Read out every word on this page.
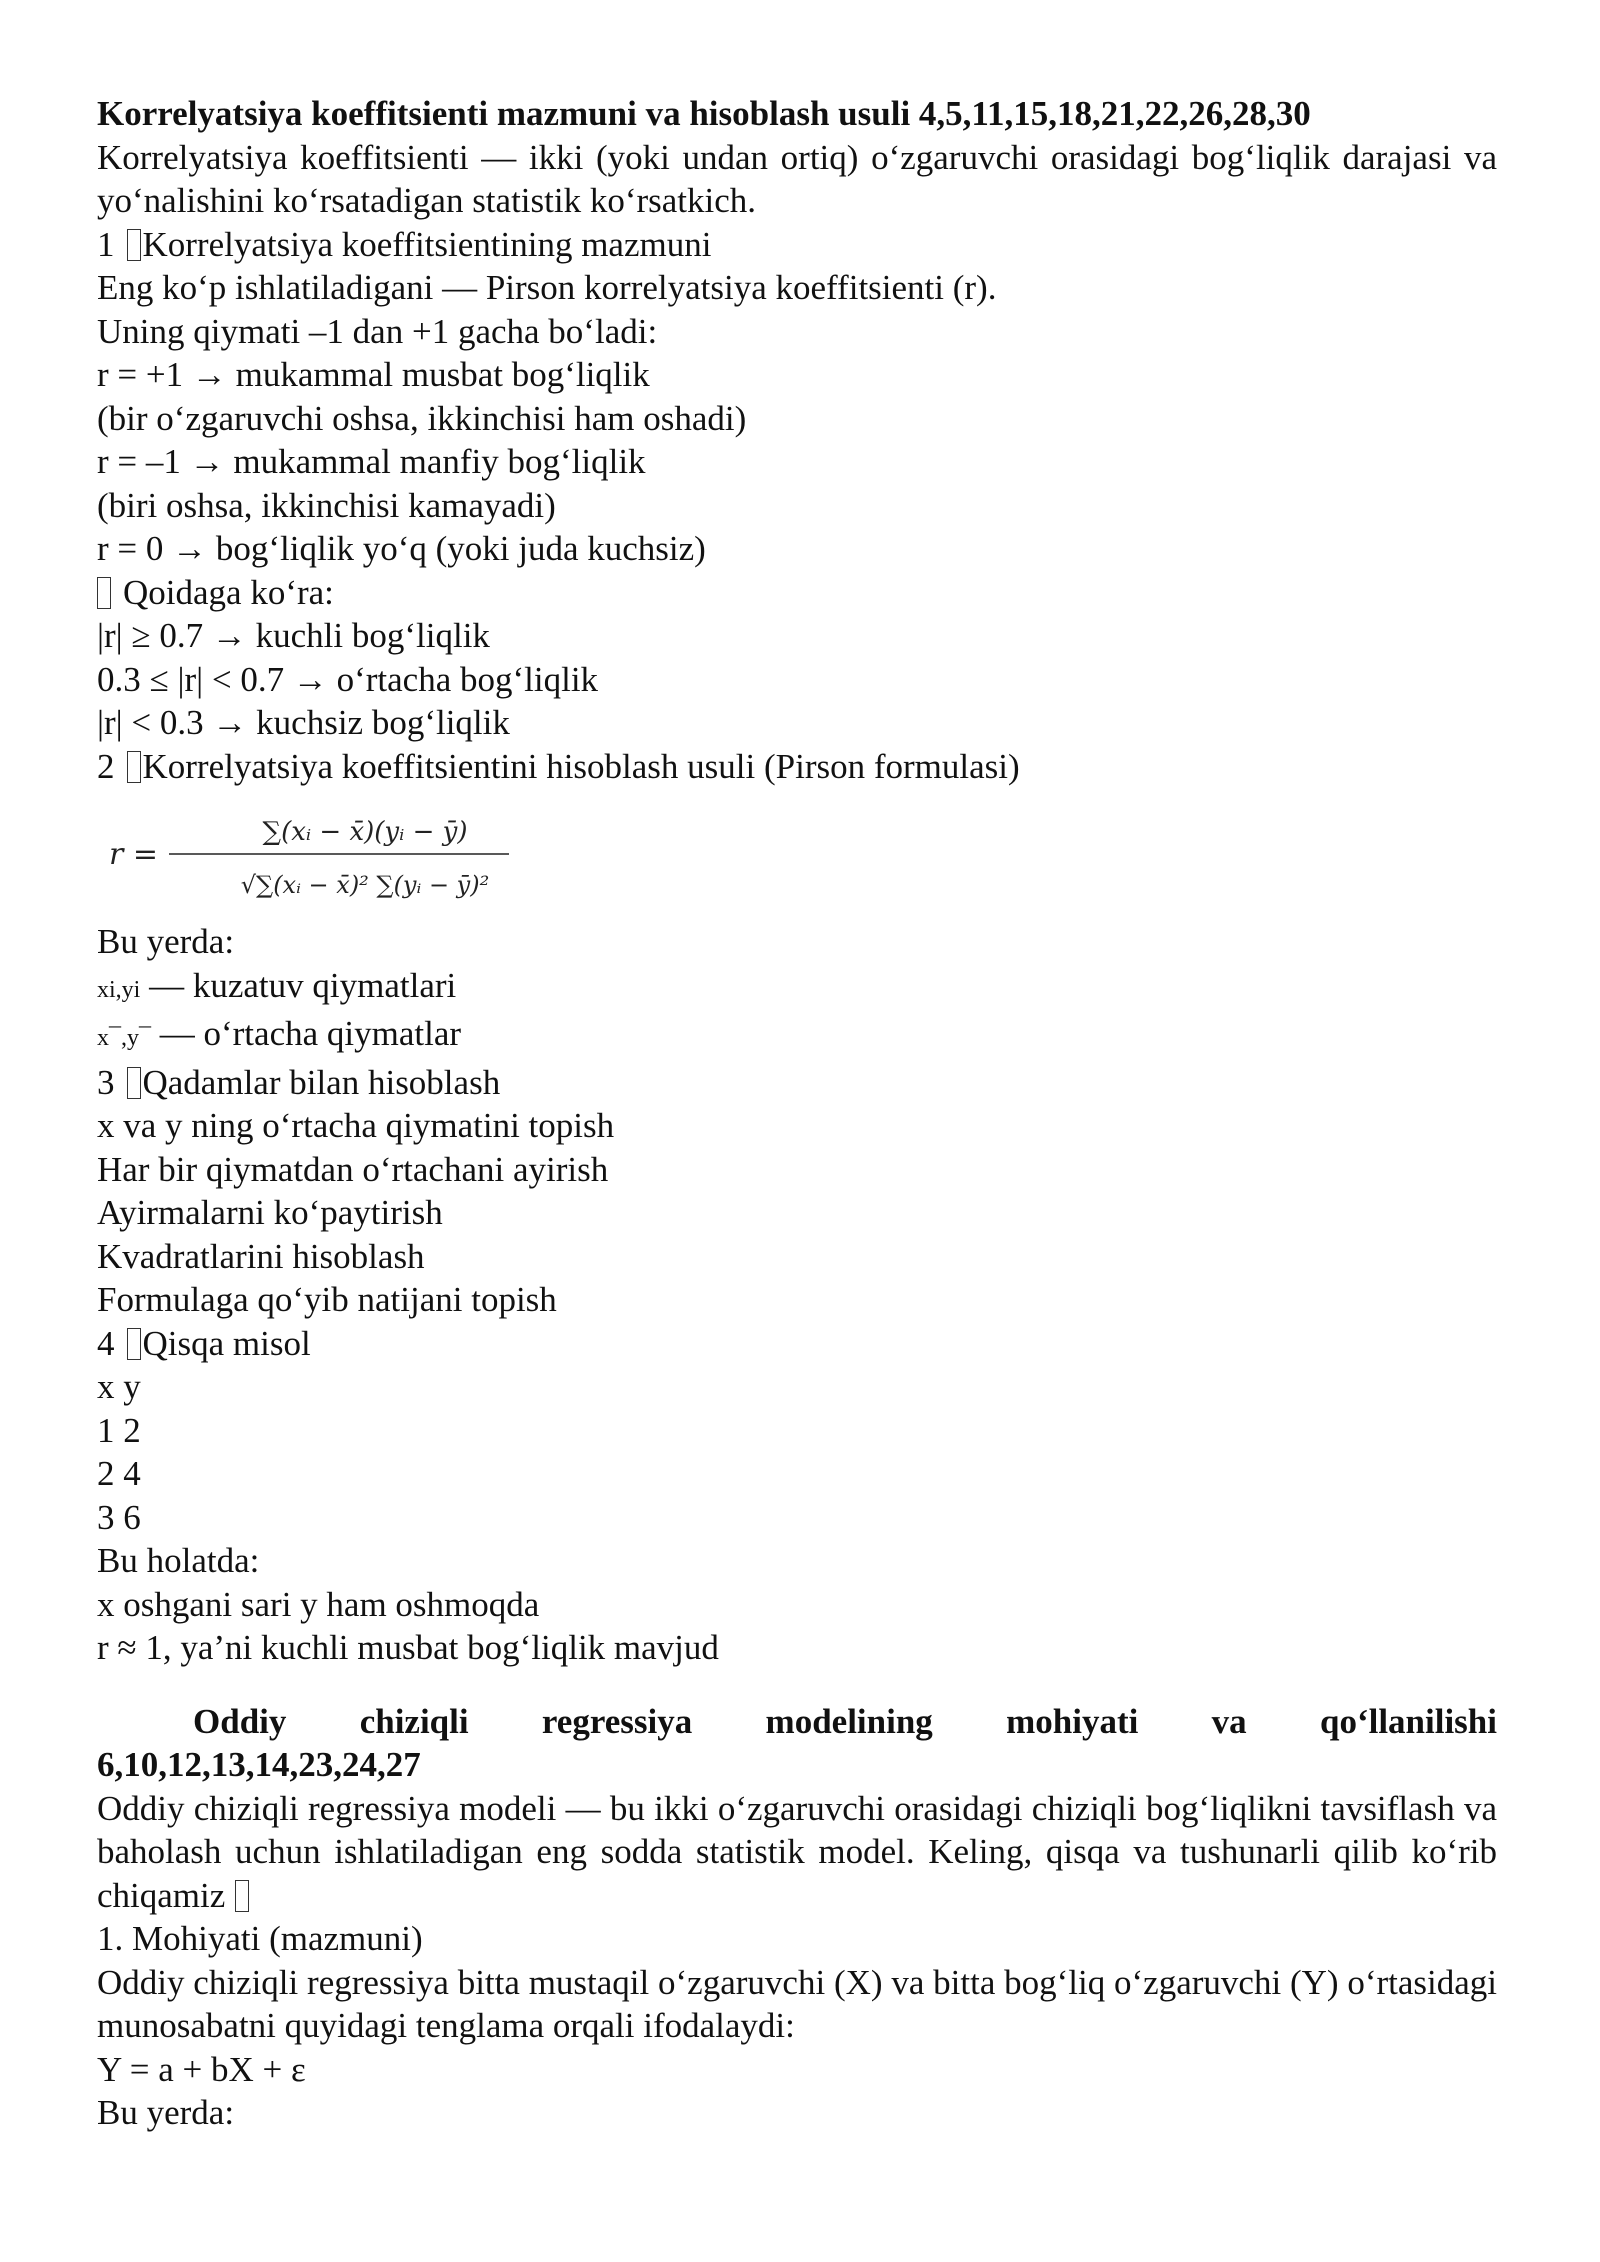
Korrelyatsiya koeffitsienti mazmuni va hisoblash usuli 4,5,11,15,18,21,22,26,28,30

Korrelyatsiya koeffitsienti — ikki (yoki undan ortiq) o‘zgaruvchi orasidagi bog‘liqlik darajasi va yo‘nalishini ko‘rsatadigan statistik ko‘rsatkich.

1 Korrelyatsiya koeffitsientining mazmuni

Eng ko‘p ishlatiladigani — Pirson korrelyatsiya koeffitsienti (r).

Uning qiymati –1 dan +1 gacha bo‘ladi:

r = +1 → mukammal musbat bog‘liqlik

(bir o‘zgaruvchi oshsa, ikkinchisi ham oshadi)

r = –1 → mukammal manfiy bog‘liqlik

(biri oshsa, ikkinchisi kamayadi)

r = 0 → bog‘liqlik yo‘q (yoki juda kuchsiz)

Qoidaga ko‘ra:

|r| ≥ 0.7 → kuchli bog‘liqlik

0.3 ≤ |r| < 0.7 → o‘rtacha bog‘liqlik

|r| < 0.3 → kuchsiz bog‘liqlik

2 Korrelyatsiya koeffitsientini hisoblash usuli (Pirson formulasi)

r =
∑(xᵢ − x̄)(yᵢ − ȳ)
√∑(xᵢ − x̄)² ∑(yᵢ − ȳ)²

Bu yerda:

xi,yi — kuzatuv qiymatlari

x¯,y¯ — o‘rtacha qiymatlar

3 Qadamlar bilan hisoblash

x va y ning o‘rtacha qiymatini topish

Har bir qiymatdan o‘rtachani ayirish

Ayirmalarni ko‘paytirish

Kvadratlarini hisoblash

Formulaga qo‘yib natijani topish

4 Qisqa misol

x y

1 2

2 4

3 6

Bu holatda:

x oshgani sari y ham oshmoqda

r ≈ 1, ya’ni kuchli musbat bog‘liqlik mavjud

Oddiy chiziqli regressiya modelining mohiyati va qo‘llanilishi

6,10,12,13,14,23,24,27

Oddiy chiziqli regressiya modeli — bu ikki o‘zgaruvchi orasidagi chiziqli bog‘liqlikni tavsiflash va baholash uchun ishlatiladigan eng sodda statistik model. Keling, qisqa va tushunarli qilib ko‘rib chiqamiz

1. Mohiyati (mazmuni)

Oddiy chiziqli regressiya bitta mustaqil o‘zgaruvchi (X) va bitta bog‘liq o‘zgaruvchi (Y) o‘rtasidagi munosabatni quyidagi tenglama orqali ifodalaydi:

Y = a + bX + ε

Bu yerda:
